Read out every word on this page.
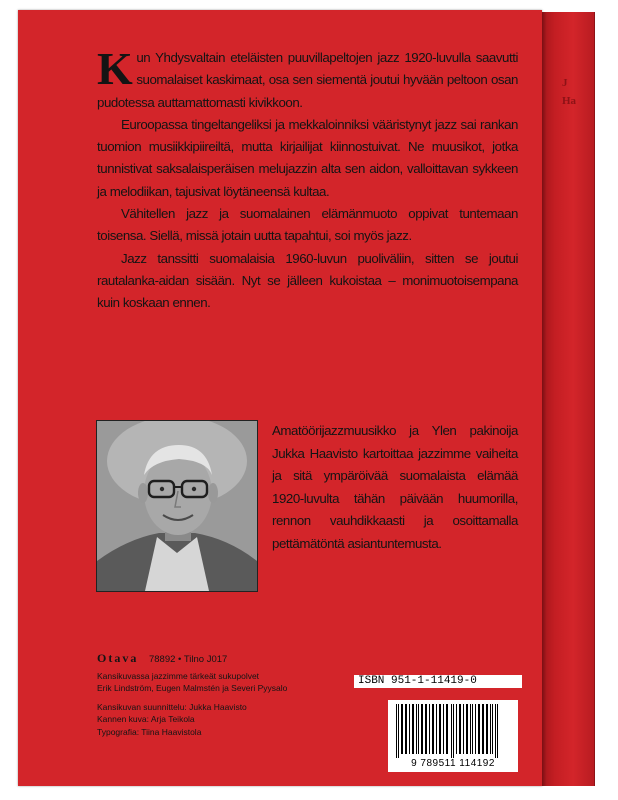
J
Ha

Kun Yhdysvaltain eteläisten puuvillapeltojen jazz 1920-luvulla saavutti suomalaiset kaskimaat, osa sen siementä joutui hyvään peltoon osan pudotessa auttamattomasti kivikkoon.

Euroopassa tingeltangeliksi ja mekkaloinniksi vääristynyt jazz sai rankan tuomion musiikkipiireiltä, mutta kirjailijat kiinnostuivat. Ne muusikot, jotka tunnistivat saksalaisperäisen melujazzin alta sen aidon, valloittavan sykkeen ja melodiikan, tajusivat löytäneensä kultaa.

Vähitellen jazz ja suomalainen elämänmuoto oppivat tuntemaan toisensa. Siellä, missä jotain uutta tapahtui, soi myös jazz.

Jazz tanssitti suomalaisia 1960-luvun puoliväliin, sitten se joutui rautalanka-aidan sisään. Nyt se jälleen kukoistaa – monimuotoisempana kuin koskaan ennen.

Amatöörijazzmuusikko ja Ylen pakinoija Jukka Haavisto kartoittaa jazzimme vaiheita ja sitä ympäröivää suomalaista elämää 1920-luvulta tähän päivään huumorilla, rennon vauhdikkaasti ja osoittamalla pettämätöntä asiantuntemusta.
Otava 78892 • Tilno J017
Kansikuvassa jazzimme tärkeät sukupolvet
Erik Lindström, Eugen Malmstén ja Severi Pyysalo
Kansikuvan suunnittelu: Jukka Haavisto
Kannen kuva: Arja Teikola
Typografia: Tiina Haavistola
ISBN 951-1-11419-0
9 789511 114192
